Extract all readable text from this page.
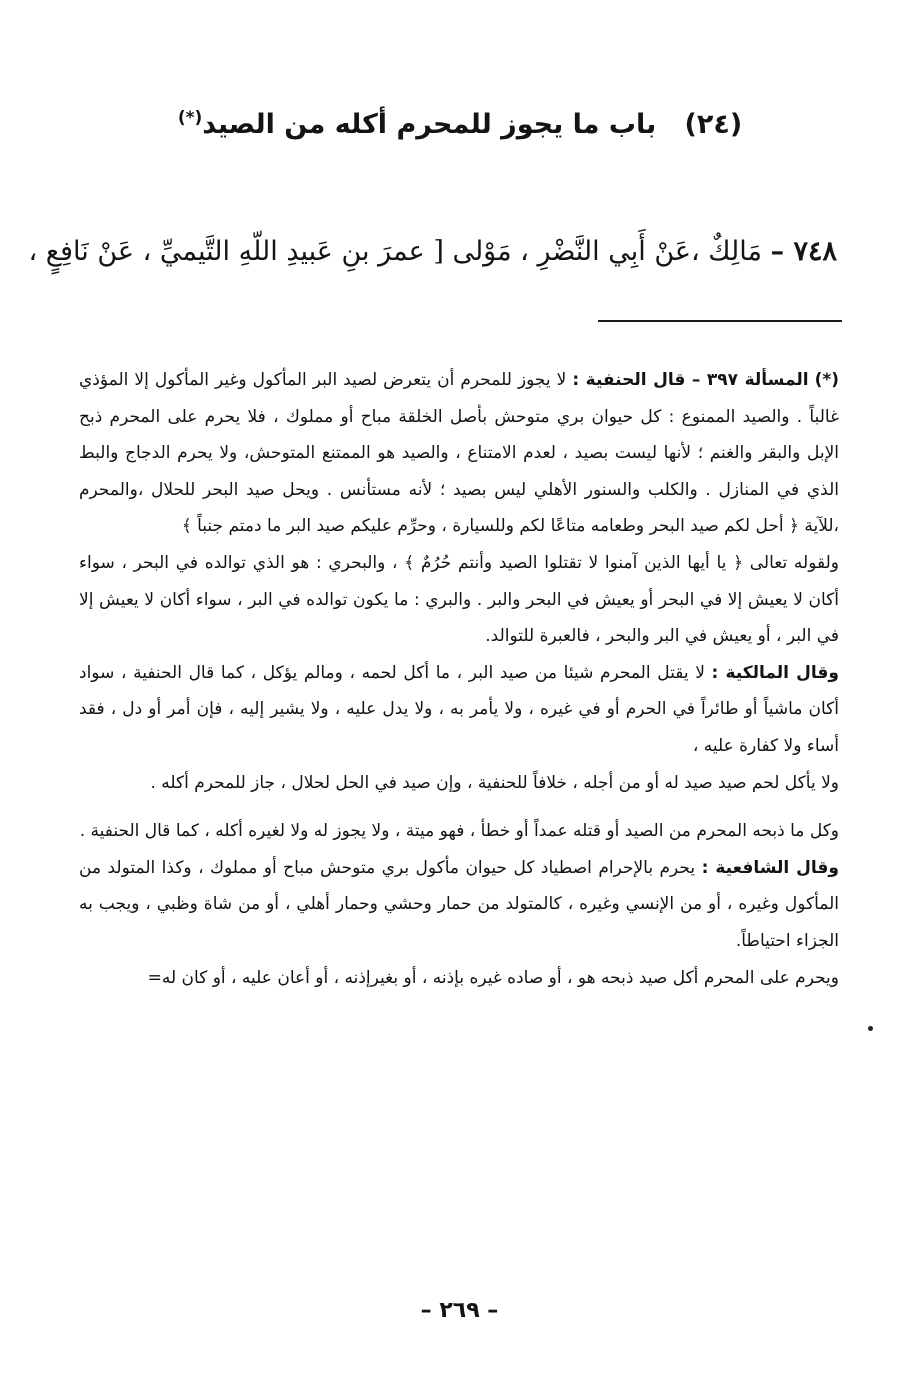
(٢٤)   باب ما يجوز للمحرم أكله من الصيد(*)
٧٤٨ – مَالِكٌ ،عَنْ أَبِي النَّضْرِ ، مَوْلى [ عمرَ بنِ عَبيدِ اللّهِ التَّيميِّ ، عَنْ نَافِعٍ ،

(*) المسألة ٣٩٧ – قال الحنفية : لا يجوز للمحرم أن يتعرض لصيد البر المأكول وغير المأكول إلا المؤذي غالباً . والصيد الممنوع : كل حيوان بري متوحش بأصل الخلقة مباح أو مملوك ، فلا يحرم على المحرم ذبح الإبل والبقر والغنم ؛ لأنها ليست بصيد ، لعدم الامتناع ، والصيد هو الممتنع المتوحش، ولا يحرم الدجاج والبط الذي في المنازل . والكلب والسنور الأهلي ليس بصيد ؛ لأنه مستأنس . ويحل صيد البحر للحلال ،والمحرم ،للآية ﴿ أحل لكم صيد البحر وطعامه متاعًا لكم وللسيارة ، وحرِّم عليكم صيد البر ما دمتم جنباً ﴾

ولقوله تعالى ﴿ يا أيها الذين آمنوا لا تقتلوا الصيد وأنتم حُرُمٌ ﴾ ، والبحري : هو الذي توالده في البحر ، سواء أكان لا يعيش إلا في البحر أو يعيش في البحر والبر . والبري : ما يكون توالده في البر ، سواء أكان لا يعيش إلا في البر ، أو يعيش في البر والبحر ، فالعبرة للتوالد.

وقال المالكية : لا يقتل المحرم شيئا من صيد البر ، ما أكل لحمه ، ومالم يؤكل ، كما قال الحنفية ، سواد أكان ماشياً أو طائراً في الحرم أو في غيره ، ولا يأمر به ، ولا يدل عليه ، ولا يشير إليه ، فإن أمر أو دل ، فقد أساء ولا كفارة عليه ،

ولا يأكل لحم صيد صيد له أو من أجله ، خلافاً للحنفية ، وإن صيد في الحل لحلال ، جاز للمحرم أكله .

وكل ما ذبحه المحرم من الصيد أو قتله عمداً أو خطأ ، فهو ميتة ، ولا يجوز له ولا لغيره أكله ، كما قال الحنفية .

وقال الشافعية : يحرم بالإحرام اصطياد كل حيوان مأكول بري متوحش مباح أو مملوك ، وكذا المتولد من المأكول وغيره ، أو من الإنسي وغيره ، كالمتولد من حمار وحشي وحمار أهلي ، أو من شاة وظبي ، ويجب به الجزاء احتياطاً.

ويحرم على المحرم أكل صيد ذبحه هو ، أو صاده غيره بإذنه ، أو بغيرإذنه ، أو أعان عليه ، أو كان له=

– ٢٦٩ –
